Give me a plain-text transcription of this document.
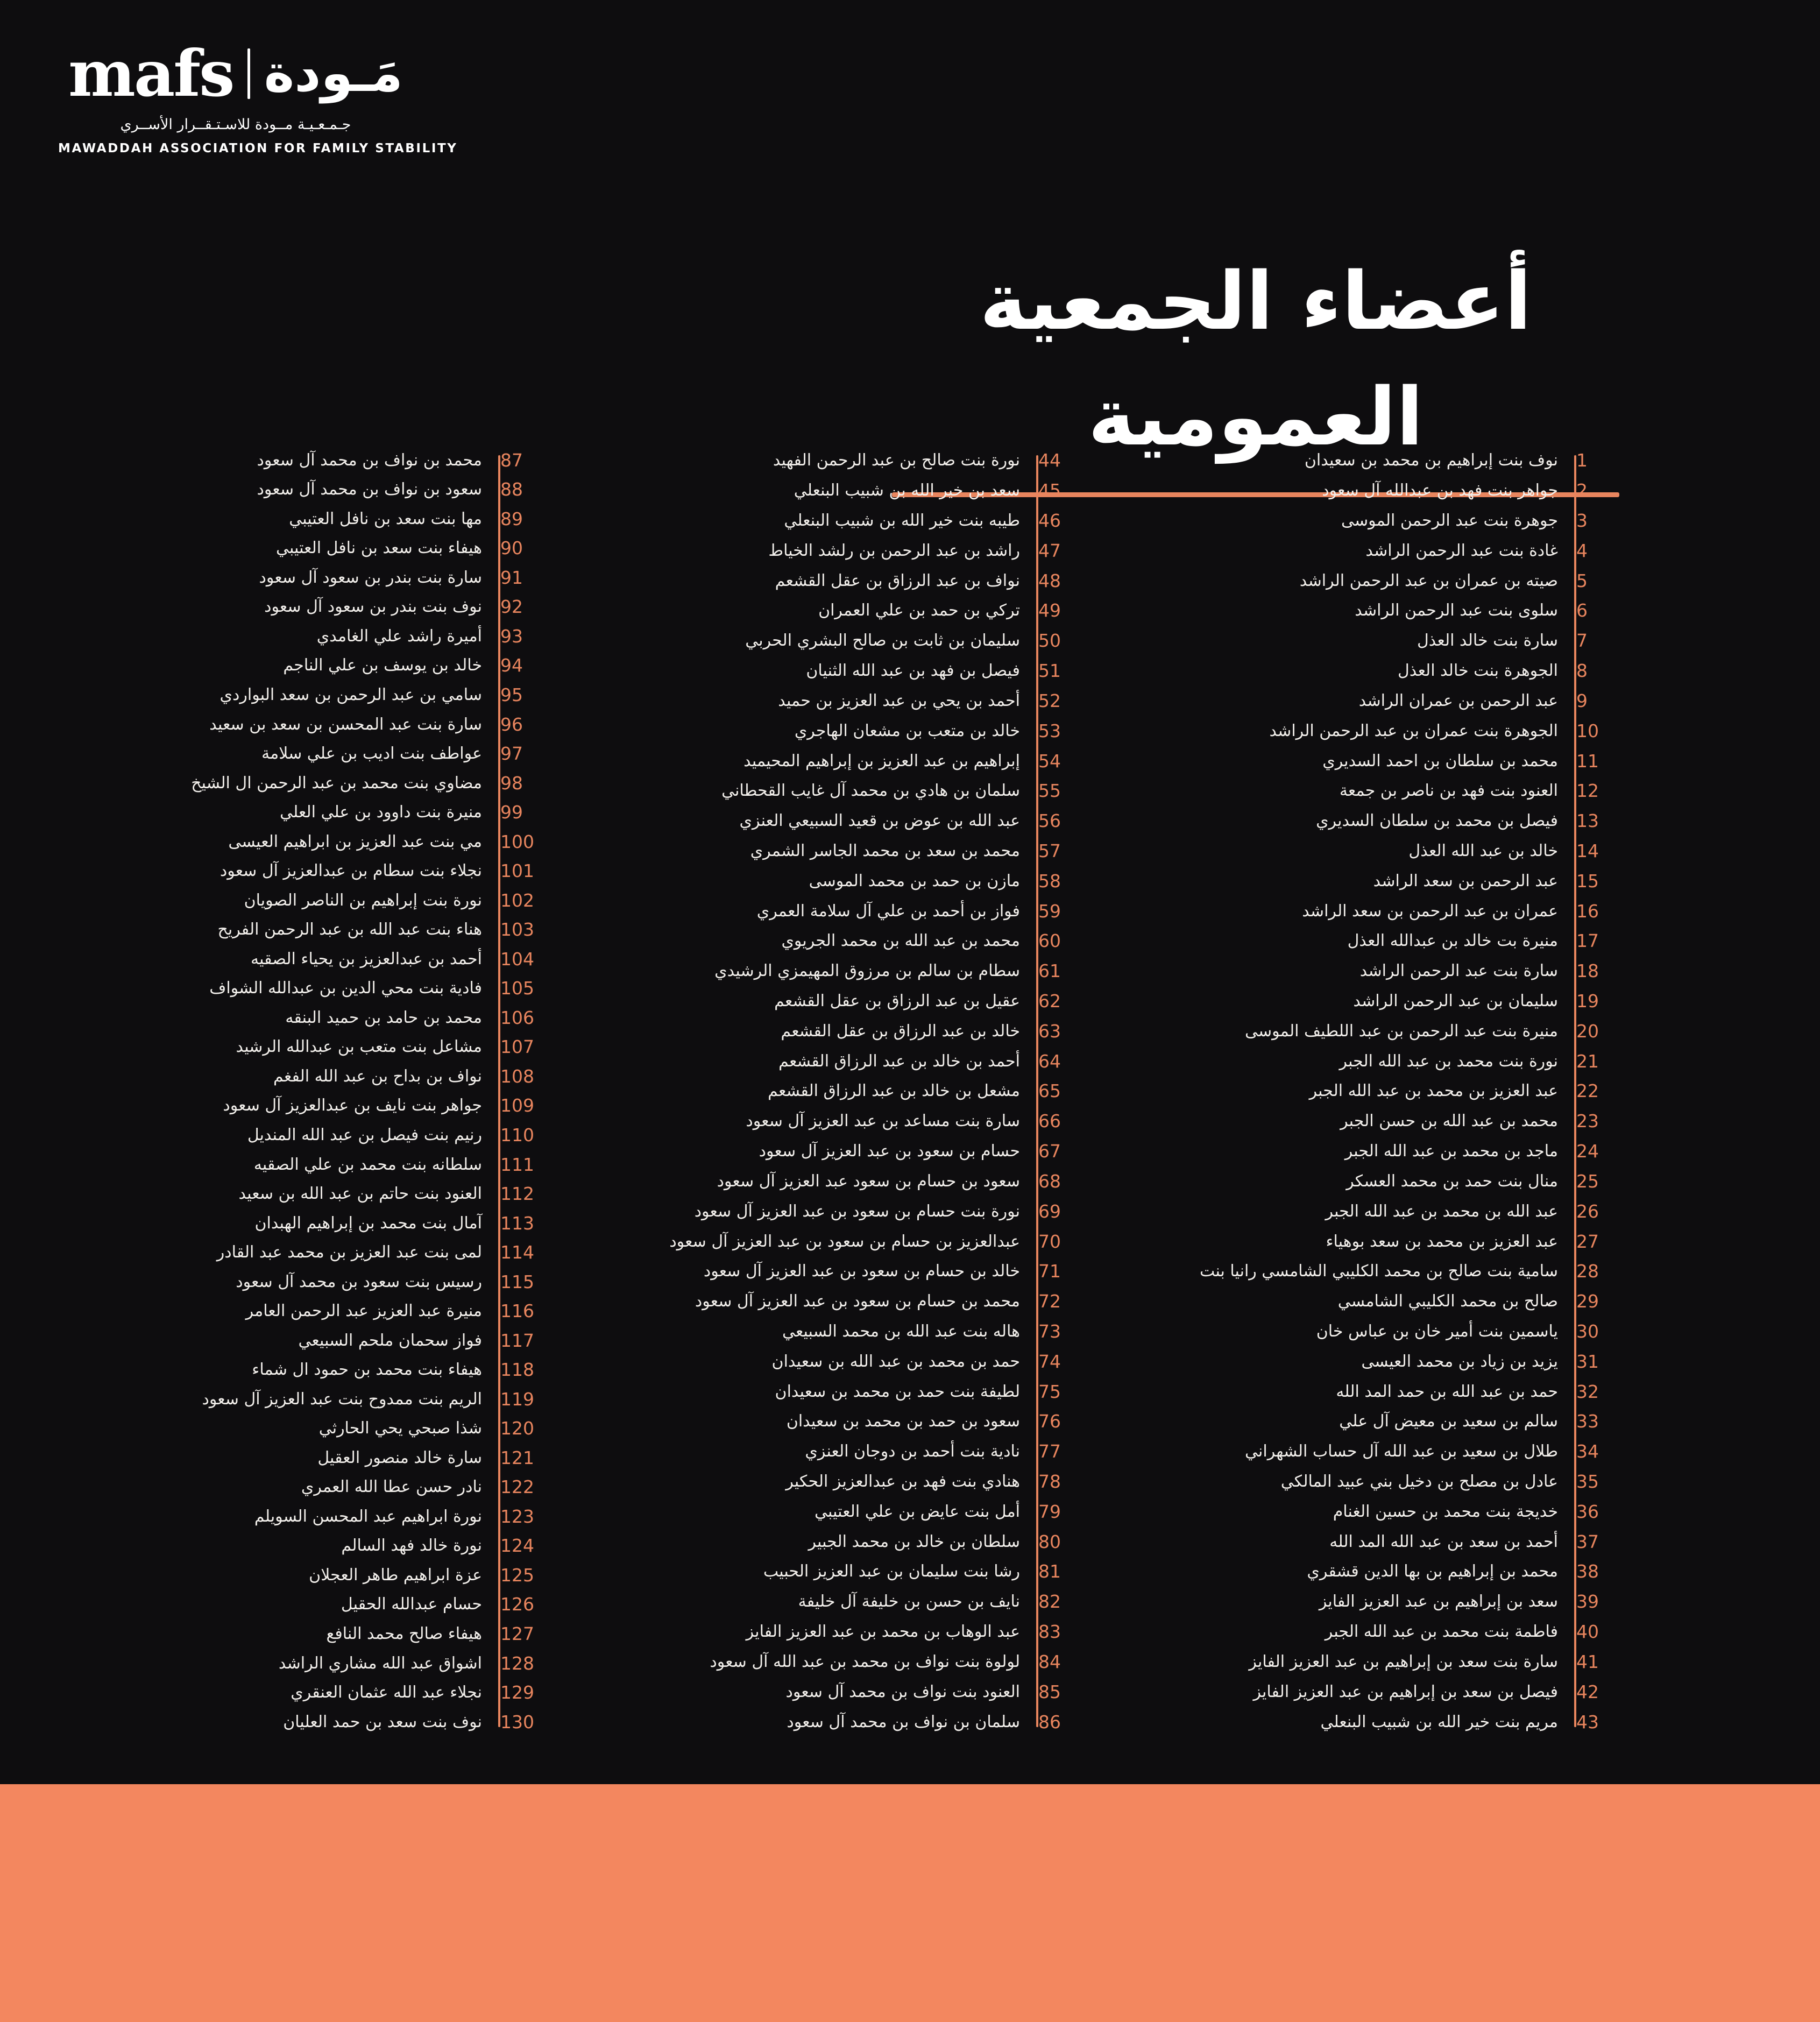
mafs مَـودة
جـمـعـيـة مــودة للاسـتـقــرار الأســري
MAWADDAH ASSOCIATION FOR FAMILY STABILITY
أعضاء الجمعية العمومية	1
نوف بنت إبراهيم بن محمد بن سعيدان
2
جواهر بنت فهد بن عبدالله آل سعود
3
جوهرة بنت عبد الرحمن الموسى
4
غادة بنت عبد الرحمن الراشد
5
صيته بن عمران بن عبد الرحمن الراشد
6
سلوى بنت عبد الرحمن الراشد
7
سارة بنت خالد العذل
8
الجوهرة بنت خالد العذل
9
عبد الرحمن بن عمران الراشد
10
الجوهرة بنت عمران بن عبد الرحمن الراشد
11
محمد بن سلطان بن احمد السديري
12
العنود بنت فهد بن ناصر بن جمعة
13
فيصل بن محمد بن سلطان السديري
14
خالد بن عبد الله العذل
15
عبد الرحمن بن سعد الراشد
16
عمران بن عبد الرحمن بن سعد الراشد
17
منيرة بت خالد بن عبدالله العذل
18
سارة بنت عبد الرحمن الراشد
19
سليمان بن عبد الرحمن الراشد
20
منيرة بنت عبد الرحمن بن عبد اللطيف الموسى
21
نورة بنت محمد بن عبد الله الجبر
22
عبد العزيز بن محمد بن عبد الله الجبر
23
محمد بن عبد الله بن حسن الجبر
24
ماجد بن محمد بن عبد الله الجبر
25
منال بنت حمد بن محمد العسكر
26
عبد الله بن محمد بن عبد الله الجبر
27
عبد العزيز بن محمد بن سعد بوهياء
28
سامية بنت صالح بن محمد الكليبي الشامسي رانيا بنت
29
صالح بن محمد الكليبي الشامسي
30
ياسمين بنت أمير خان بن عباس خان
31
يزيد بن زياد بن محمد العيسى
32
حمد بن عبد الله بن حمد المد الله
33
سالم بن سعيد بن معيض آل علي
34
طلال بن سعيد بن عبد الله آل حساب الشهراني
35
عادل بن مصلح بن دخيل بني عبيد المالكي
36
خديجة بنت محمد بن حسين الغنام
37
أحمد بن سعد بن عبد الله المد الله
38
محمد بن إبراهيم بن بها الدين قشقري
39
سعد بن إبراهيم بن عبد العزيز الفايز
40
فاطمة بنت محمد بن عبد الله الجبر
41
سارة بنت سعد بن إبراهيم بن عبد العزيز الفايز
42
فيصل بن سعد بن إبراهيم بن عبد العزيز الفايز
43
مريم بنت خير الله بن شبيب البنعلي
44
نورة بنت صالح بن عبد الرحمن الفهيد
45
سعد بن خير الله بن شبيب البنعلي
46
طيبه بنت خير الله بن شبيب البنعلي
47
راشد بن عبد الرحمن بن رلشد الخياط
48
نواف بن عبد الرزاق بن عقل القشعم
49
تركي بن حمد بن علي العمران
50
سليمان بن ثابت بن صالح البشري الحربي
51
فيصل بن فهد بن عبد الله الثنيان
52
أحمد بن يحي بن عبد العزيز بن حميد
53
خالد بن متعب بن مشعان الهاجري
54
إبراهيم بن عبد العزيز بن إبراهيم المحيميد
55
سلمان بن هادي بن محمد آل غايب القحطاني
56
عبد الله بن عوض بن قعيد السبيعي العنزي
57
محمد بن سعد بن محمد الجاسر الشمري
58
مازن بن حمد بن محمد الموسى
59
فواز بن أحمد بن علي آل سلامة العمري
60
محمد بن عبد الله بن محمد الجريوي
61
سطام بن سالم بن مرزوق المهيمزي الرشيدي
62
عقيل بن عبد الرزاق بن عقل القشعم
63
خالد بن عبد الرزاق بن عقل القشعم
64
أحمد بن خالد بن عبد الرزاق القشعم
65
مشعل بن خالد بن عبد الرزاق القشعم
66
سارة بنت مساعد بن عبد العزيز آل سعود
67
حسام بن سعود بن عبد العزيز آل سعود
68
سعود بن حسام بن سعود عبد العزيز آل سعود
69
نورة بنت حسام بن سعود بن عبد العزيز آل سعود
70
عبدالعزيز بن حسام بن سعود بن عبد العزيز آل سعود
71
خالد بن حسام بن سعود بن عبد العزيز آل سعود
72
محمد بن حسام بن سعود بن عبد العزيز آل سعود
73
هاله بنت عبد الله بن محمد السبيعي
74
حمد بن محمد بن عبد الله بن سعيدان
75
لطيفة بنت حمد بن محمد بن سعيدان
76
سعود بن حمد بن محمد بن سعيدان
77
نادية بنت أحمد بن دوجان العنزي
78
هنادي بنت فهد بن عبدالعزيز الحكير
79
أمل بنت عايض بن علي العتيبي
80
سلطان بن خالد بن محمد الجبير
81
رشا بنت سليمان بن عبد العزيز الحبيب
82
نايف بن حسن بن خليفة آل خليفة
83
عبد الوهاب بن محمد بن عبد العزيز الفايز
84
لولوة بنت نواف بن محمد بن عبد الله آل سعود
85
العنود بنت نواف بن محمد آل سعود
86
سلمان بن نواف بن محمد آل سعود
87
محمد بن نواف بن محمد آل سعود
88
سعود بن نواف بن محمد آل سعود
89
مها بنت سعد بن نافل العتيبي
90
هيفاء بنت سعد بن نافل العتيبي
91
سارة بنت بندر بن سعود آل سعود
92
نوف بنت بندر بن سعود آل سعود
93
أميرة راشد علي الغامدي
94
خالد بن يوسف بن علي الناجم
95
سامي بن عبد الرحمن بن سعد البواردي
96
سارة بنت عبد المحسن بن سعد بن سعيد
97
عواطف بنت اديب بن علي سلامة
98
مضاوي بنت محمد بن عبد الرحمن ال الشيخ
99
منيرة بنت داوود بن علي العلي
100
مي بنت عبد العزيز بن ابراهيم العيسى
101
نجلاء بنت سطام بن عبدالعزيز آل سعود
102
نورة بنت إبراهيم بن الناصر الصويان
103
هناء بنت عبد الله بن عبد الرحمن الفريح
104
أحمد بن عبدالعزيز بن يحياء الصقيه
105
فادية بنت محي الدين بن عبدالله الشواف
106
محمد بن حامد بن حميد البنقه
107
مشاعل بنت متعب بن عبدالله الرشيد
108
نواف بن بداح بن عبد الله الفغم
109
جواهر بنت نايف بن عبدالعزيز آل سعود
110
رنيم بنت فيصل بن عبد الله المنديل
111
سلطانه بنت محمد بن علي الصقيه
112
العنود بنت حاتم بن عبد الله بن سعيد
113
آمال بنت محمد بن إبراهيم الهبدان
114
لمى بنت عبد العزيز بن محمد عبد القادر
115
رسيس بنت سعود بن محمد آل سعود
116
منيرة عبد العزيز عبد الرحمن العامر
117
فواز سحمان ملحم السبيعي
118
هيفاء بنت محمد بن حمود ال شماء
119
الريم بنت ممدوح بنت عبد العزيز آل سعود
120
شذا صبحي يحي الحارثي
121
سارة خالد منصور العقيل
122
نادر حسن عطا الله العمري
123
نورة ابراهيم عبد المحسن السويلم
124
نورة خالد فهد السالم
125
عزة ابراهيم طاهر العجلان
126
حسام عبدالله الحقيل
127
هيفاء صالح محمد النافع
128
اشواق عبد الله مشاري الراشد
129
نجلاء عبد الله عثمان العنقري
130
نوف بنت سعد بن حمد العليان
